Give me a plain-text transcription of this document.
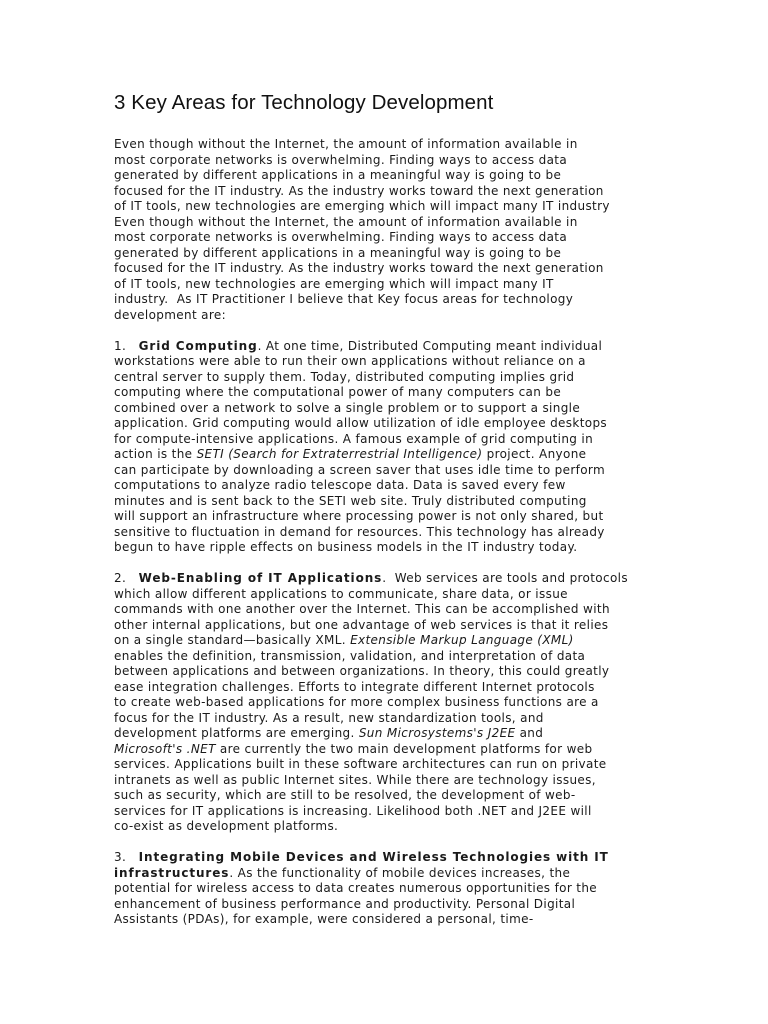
3 Key Areas for Technology Development
Even though without the Internet, the amount of information available in
most corporate networks is overwhelming. Finding ways to access data
generated by different applications in a meaningful way is going to be
focused for the IT industry. As the industry works toward the next generation
of IT tools, new technologies are emerging which will impact many IT industry
Even though without the Internet, the amount of information available in
most corporate networks is overwhelming. Finding ways to access data
generated by different applications in a meaningful way is going to be
focused for the IT industry. As the industry works toward the next generation
of IT tools, new technologies are emerging which will impact many IT
industry.  As IT Practitioner I believe that Key focus areas for technology
development are:
1.   Grid Computing. At one time, Distributed Computing meant individual
workstations were able to run their own applications without reliance on a
central server to supply them. Today, distributed computing implies grid
computing where the computational power of many computers can be
combined over a network to solve a single problem or to support a single
application. Grid computing would allow utilization of idle employee desktops
for compute-intensive applications. A famous example of grid computing in
action is the SETI (Search for Extraterrestrial Intelligence) project. Anyone
can participate by downloading a screen saver that uses idle time to perform
computations to analyze radio telescope data. Data is saved every few
minutes and is sent back to the SETI web site. Truly distributed computing
will support an infrastructure where processing power is not only shared, but
sensitive to fluctuation in demand for resources. This technology has already
begun to have ripple effects on business models in the IT industry today.
2.   Web-Enabling of IT Applications.  Web services are tools and protocols
which allow different applications to communicate, share data, or issue
commands with one another over the Internet. This can be accomplished with
other internal applications, but one advantage of web services is that it relies
on a single standard—basically XML. Extensible Markup Language (XML)
enables the definition, transmission, validation, and interpretation of data
between applications and between organizations. In theory, this could greatly
ease integration challenges. Efforts to integrate different Internet protocols
to create web-based applications for more complex business functions are a
focus for the IT industry. As a result, new standardization tools, and
development platforms are emerging. Sun Microsystems's J2EE and
Microsoft's .NET are currently the two main development platforms for web
services. Applications built in these software architectures can run on private
intranets as well as public Internet sites. While there are technology issues,
such as security, which are still to be resolved, the development of web-
services for IT applications is increasing. Likelihood both .NET and J2EE will
co-exist as development platforms.
3.   Integrating Mobile Devices and Wireless Technologies with IT
infrastructures. As the functionality of mobile devices increases, the
potential for wireless access to data creates numerous opportunities for the
enhancement of business performance and productivity. Personal Digital
Assistants (PDAs), for example, were considered a personal, time-
